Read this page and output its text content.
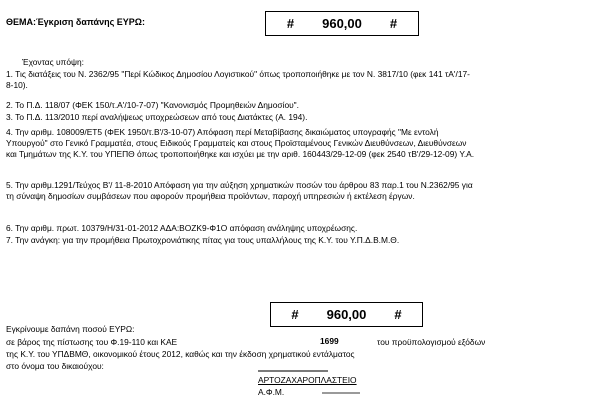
ΘΕΜΑ:Έγκριση δαπάνης ΕΥΡΩ:	# 960,00 #
Έχοντας υπόψη:
1. Τις διατάξεις του Ν. 2362/95 "Περί Κώδικος Δημοσίου Λογιστικού" όπως τροποποιήθηκε με τον Ν. 3817/10 (φεκ 141 τΑ'/17-
8-10).
2. Το Π.Δ. 118/07 (ΦΕΚ 150/τ.Α'/10-7-07) "Κανονισμός Προμηθειών Δημοσίου".
3. Το Π.Δ. 113/2010 περί αναλήψεως υποχρεώσεων από τους Διατάκτες (Α. 194).
4. Την αριθμ. 108009/ΕΤ5 (ΦΕΚ 1950/τ.Β'/3-10-07) Απόφαση περί Μεταβίβασης δικαιώματος υπογραφής "Με εντολή
Υπουργού" στο Γενικό Γραμματέα, στους Ειδικούς Γραμματείς και στους Προϊσταμένους Γενικών Διευθύνσεων, Διευθύνσεων
και Τμημάτων της Κ.Υ. του ΥΠΕΠΘ όπως τροποποιήθηκε και ισχύει με την αριθ. 160443/29-12-09 (φεκ 2540 τΒ'/29-12-09) Υ.Α.
5. Την αριθμ.1291/Τεύχος Β'/ 11-8-2010 Απόφαση για την αύξηση χρηματικών ποσών του άρθρου 83 παρ.1 του Ν.2362/95 για
τη σύναψη δημοσίων συμβάσεων που αφορούν προμήθεια προϊόντων, παροχή υπηρεσιών ή εκτέλεση έργων.
6. Την αριθμ. πρωτ. 10379/Η/31-01-2012 ΑΔΑ:ΒΟΖΚ9-Φ1Ο απόφαση ανάληψης υποχρέωσης.
7. Την ανάγκη: για την προμήθεια Πρωτοχρονιάτικης πίτας για τους υπαλλήλους της Κ.Υ. του Υ.Π.Δ.Β.Μ.Θ.
Εγκρίνουμε δαπάνη ποσού ΕΥΡΩ:
# 960,00 #
σε βάρος της πίστωσης του Φ.19-110 και ΚΑΕ	1699	του προϋπολογισμού εξόδων
της Κ.Υ. του ΥΠΔΒΜΘ, οικονομικού έτους 2012, καθώς και την έκδοση χρηματικού εντάλματος
στο όνομα του δικαιούχου:
ΑΡΤΟΖΑΧΑΡΟΠΛΑΣΤΕΙΟ
Α.Φ.Μ.
